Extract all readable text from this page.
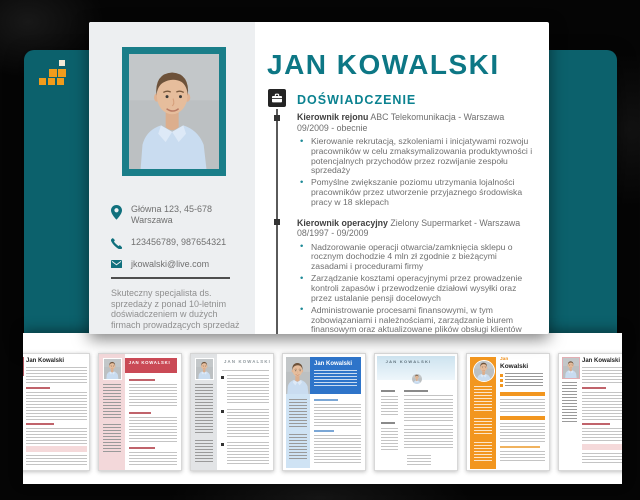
Główna 123, 45-678
Warszawa
123456789, 987654321
jkowalski@live.com
Skuteczny specjalista ds. sprzedaży z ponad 10-letnim doświadczeniem w dużych firmach prowadzących sprzedaż
JAN KOWALSKI
DOŚWIADCZENIE
Kierownik rejonu ABC Telekomunikacja - Warszawa
09/2009 - obecnie
• Kierowanie rekrutacją, szkoleniami i inicjatywami rozwoju pracowników w celu zmaksymalizowania produktywności i potencjalnych przychodów przez rozwijanie zespołu sprzedaży
• Pomyślne zwiększanie poziomu utrzymania lojalności pracowników przez utworzenie przyjaznego środowiska pracy w 18 sklepach
Kierownik operacyjny Zielony Supermarket - Warszawa
08/1997 - 09/2009
• Nadzorowanie operacji otwarcia/zamknięcia sklepu o rocznym dochodzie 4 mln zł zgodnie z bieżącymi zasadami i procedurami firmy
• Zarządzanie kosztami operacyjnymi przez prowadzenie kontroli zapasów i przewodzenie działowi wysyłki oraz przez ustalanie pensji docelowych
• Administrowanie procesami finansowymi, w tym zobowiązaniami i należnościami, zarządzanie biurem finansowym oraz aktualizowane plików obsługi klientów
Jan Kowalski	JAN KOWALSKI	JAN KOWALSKI	Jan Kowalski	JAN KOWALSKI
Jan
Kowalski
Jan Kowalski
